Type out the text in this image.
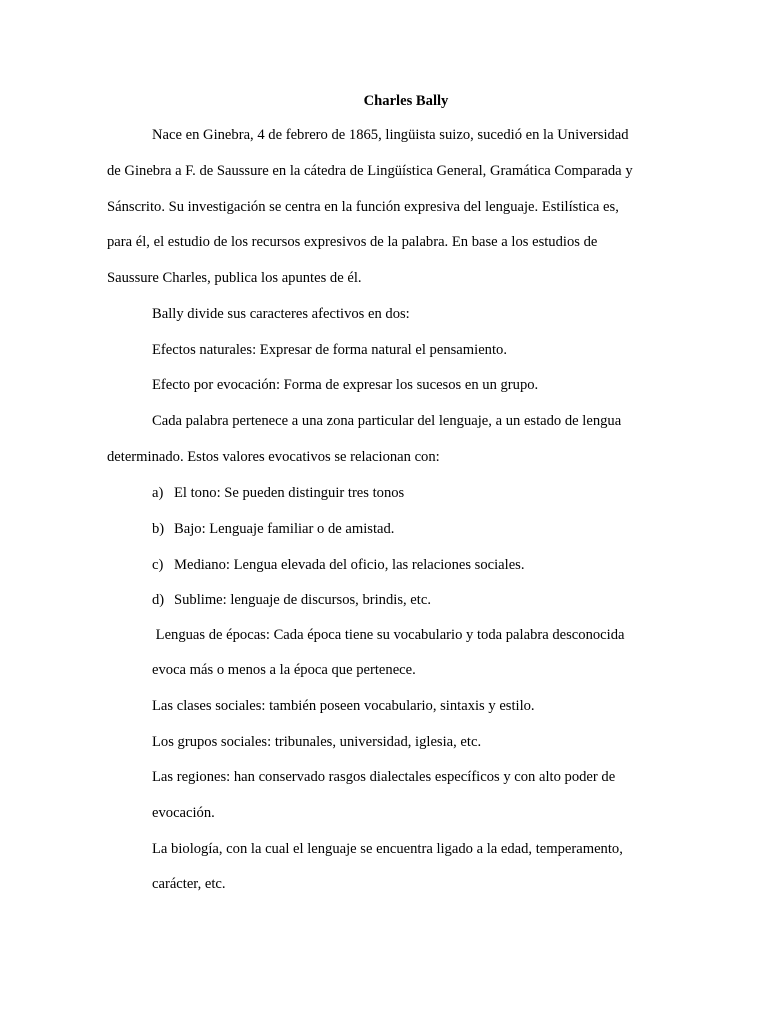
Charles Bally
Nace en Ginebra, 4 de febrero de 1865, lingüista suizo, sucedió en la Universidad
de Ginebra a F. de Saussure en la cátedra de Lingüística General, Gramática Comparada y
Sánscrito. Su investigación se centra en la función expresiva del lenguaje. Estilística es,
para él, el estudio de los recursos expresivos de la palabra. En base a los estudios de
Saussure Charles, publica los apuntes de él.
Bally divide sus caracteres afectivos en dos:
Efectos naturales: Expresar de forma natural el pensamiento.
Efecto por evocación: Forma de expresar los sucesos en un grupo.
Cada palabra pertenece a una zona particular del lenguaje, a un estado de lengua
determinado. Estos valores evocativos se relacionan con:
a) El tono: Se pueden distinguir tres tonos
b) Bajo: Lenguaje familiar o de amistad.
c) Mediano: Lengua elevada del oficio, las relaciones sociales.
d) Sublime: lenguaje de discursos, brindis, etc.
Lenguas de épocas: Cada época tiene su vocabulario y toda palabra desconocida
evoca más o menos a la época que pertenece.
Las clases sociales: también poseen vocabulario, sintaxis y estilo.
Los grupos sociales: tribunales, universidad, iglesia, etc.
Las regiones: han conservado rasgos dialectales específicos y con alto poder de
evocación.
La biología, con la cual el lenguaje se encuentra ligado a la edad, temperamento,
carácter, etc.
